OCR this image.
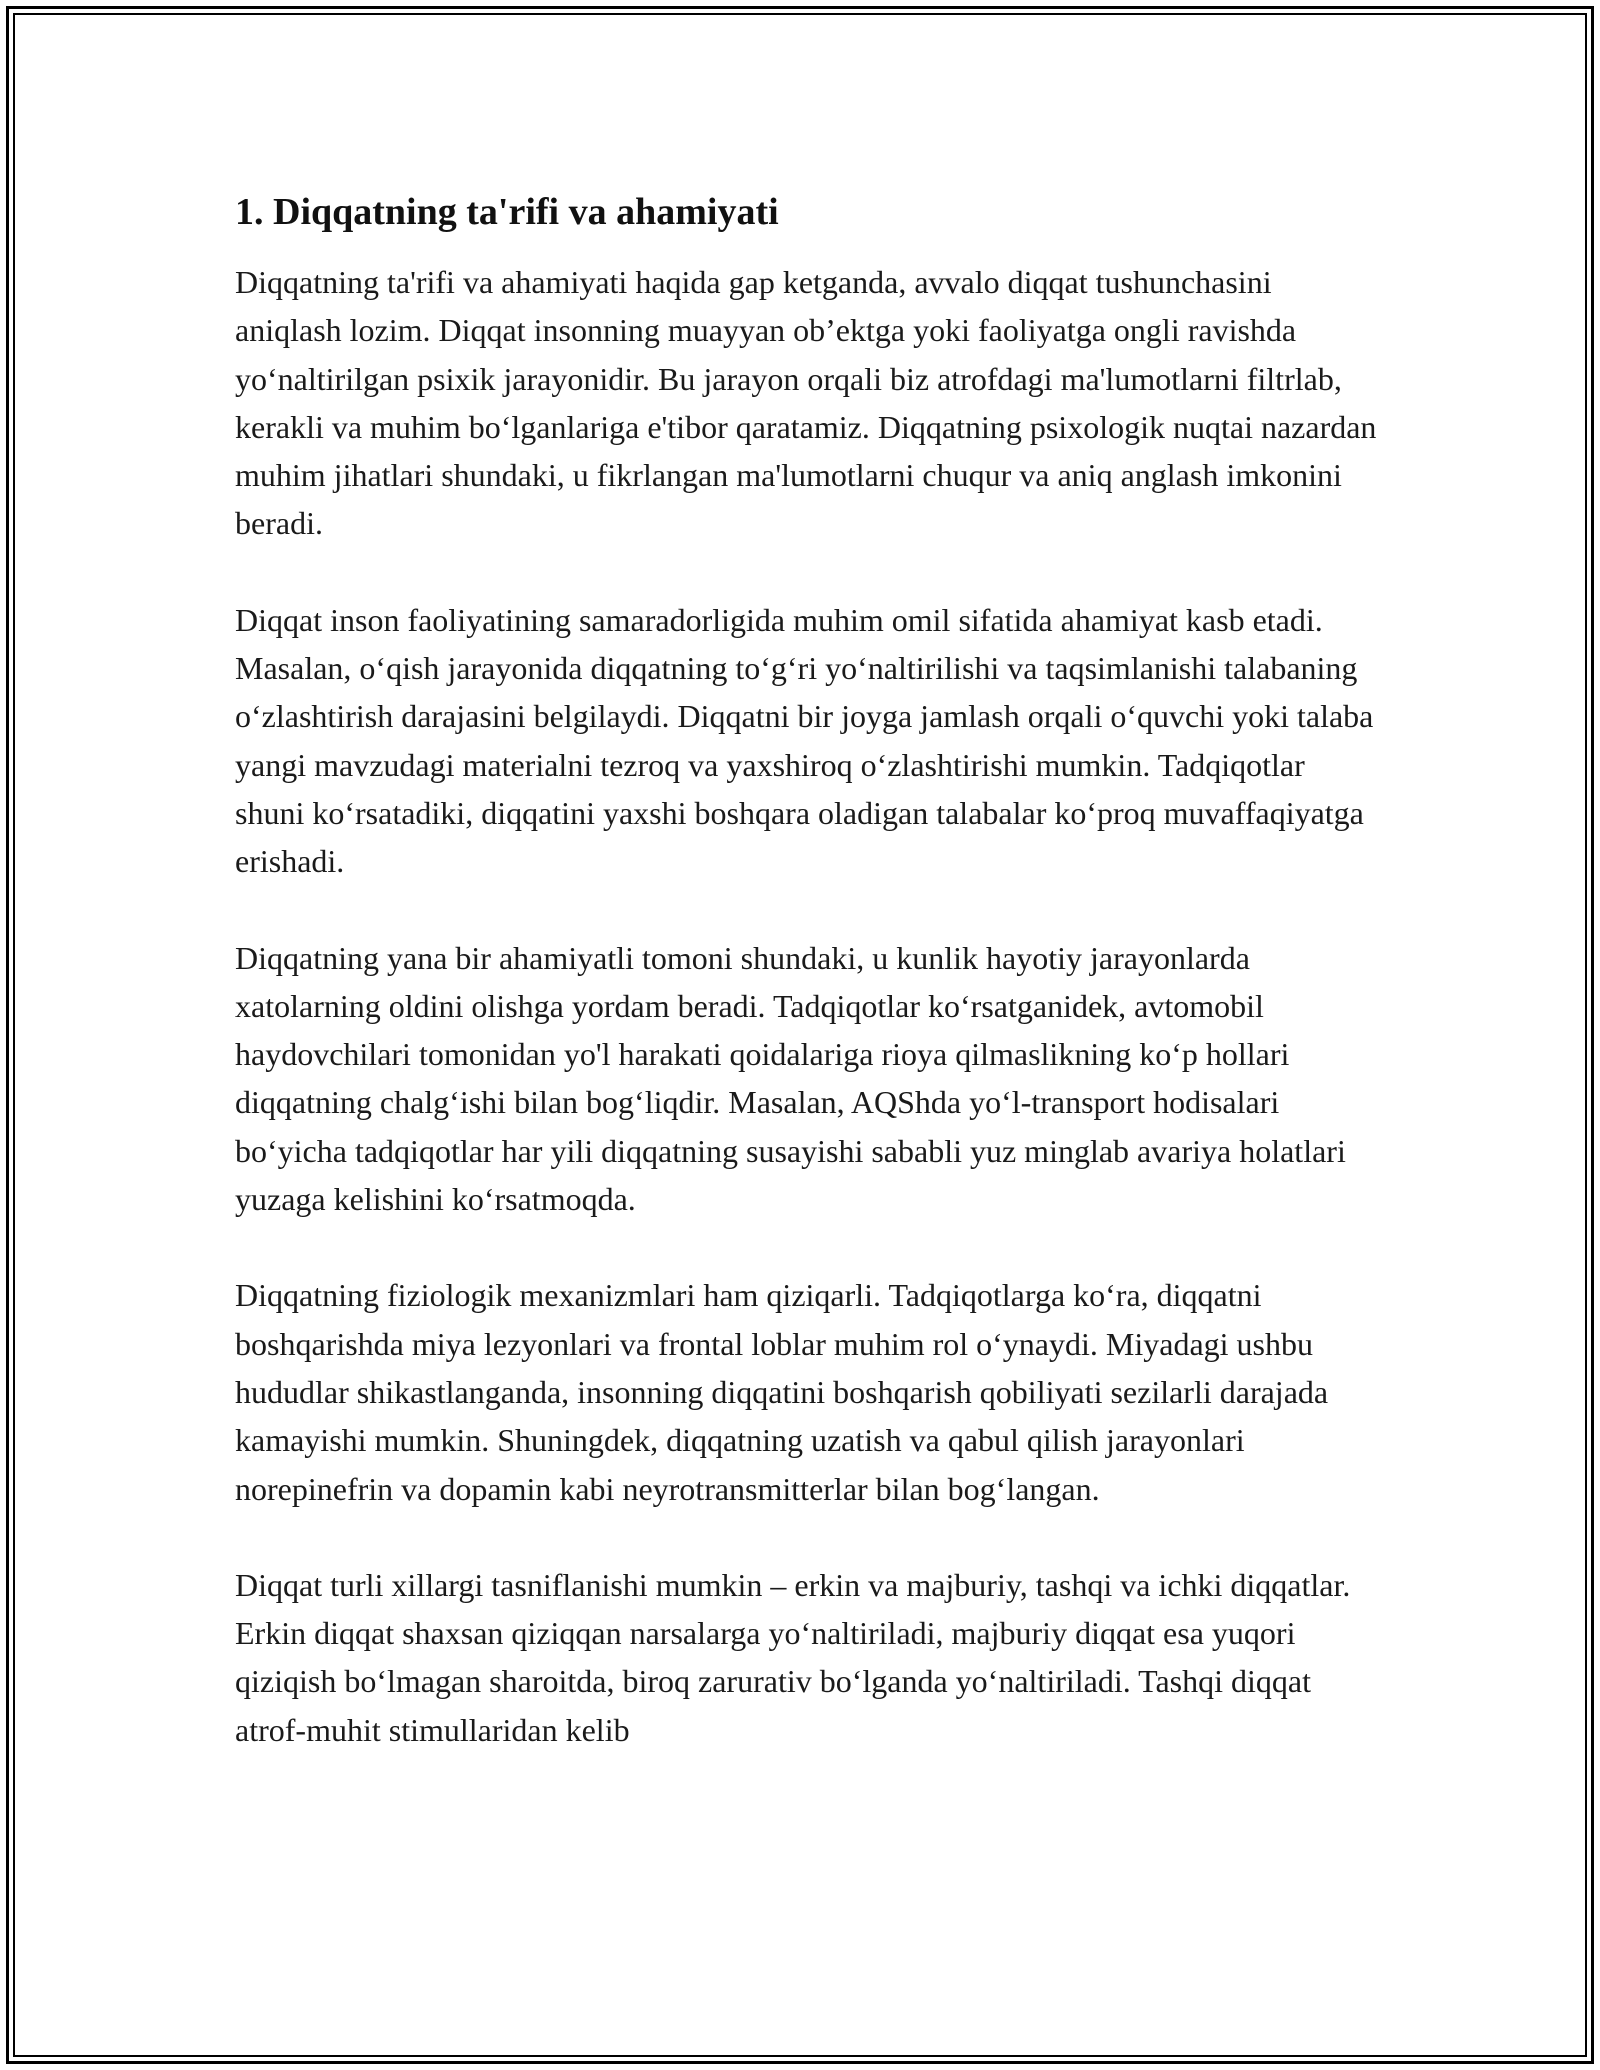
1. Diqqatning ta'rifi va ahamiyati

Diqqatning ta'rifi va ahamiyati haqida gap ketganda, avvalo diqqat tushunchasini aniqlash lozim. Diqqat insonning muayyan ob’ektga yoki faoliyatga ongli ravishda yo‘naltirilgan psixik jarayonidir. Bu jarayon orqali biz atrofdagi ma'lumotlarni filtrlab, kerakli va muhim bo‘lganlariga e'tibor qaratamiz. Diqqatning psixologik nuqtai nazardan muhim jihatlari shundaki, u fikrlangan ma'lumotlarni chuqur va aniq anglash imkonini beradi.

Diqqat inson faoliyatining samaradorligida muhim omil sifatida ahamiyat kasb etadi. Masalan, o‘qish jarayonida diqqatning to‘g‘ri yo‘naltirilishi va taqsimlanishi talabaning o‘zlashtirish darajasini belgilaydi. Diqqatni bir joyga jamlash orqali o‘quvchi yoki talaba yangi mavzudagi materialni tezroq va yaxshiroq o‘zlashtirishi mumkin. Tadqiqotlar shuni ko‘rsatadiki, diqqatini yaxshi boshqara oladigan talabalar ko‘proq muvaffaqiyatga erishadi.

Diqqatning yana bir ahamiyatli tomoni shundaki, u kunlik hayotiy jarayonlarda xatolarning oldini olishga yordam beradi. Tadqiqotlar ko‘rsatganidek, avtomobil haydovchilari tomonidan yo'l harakati qoidalariga rioya qilmaslikning ko‘p hollari diqqatning chalg‘ishi bilan bog‘liqdir. Masalan, AQShda yo‘l-transport hodisalari bo‘yicha tadqiqotlar har yili diqqatning susayishi sababli yuz minglab avariya holatlari yuzaga kelishini ko‘rsatmoqda.

Diqqatning fiziologik mexanizmlari ham qiziqarli. Tadqiqotlarga ko‘ra, diqqatni boshqarishda miya lezyonlari va frontal loblar muhim rol o‘ynaydi. Miyadagi ushbu hududlar shikastlanganda, insonning diqqatini boshqarish qobiliyati sezilarli darajada kamayishi mumkin. Shuningdek, diqqatning uzatish va qabul qilish jarayonlari norepinefrin va dopamin kabi neyrotransmitterlar bilan bog‘langan.

Diqqat turli xillargi tasniflanishi mumkin – erkin va majburiy, tashqi va ichki diqqatlar. Erkin diqqat shaxsan qiziqqan narsalarga yo‘naltiriladi, majburiy diqqat esa yuqori qiziqish bo‘lmagan sharoitda, biroq zarurativ bo‘lganda yo‘naltiriladi. Tashqi diqqat atrof-muhit stimullaridan kelib
